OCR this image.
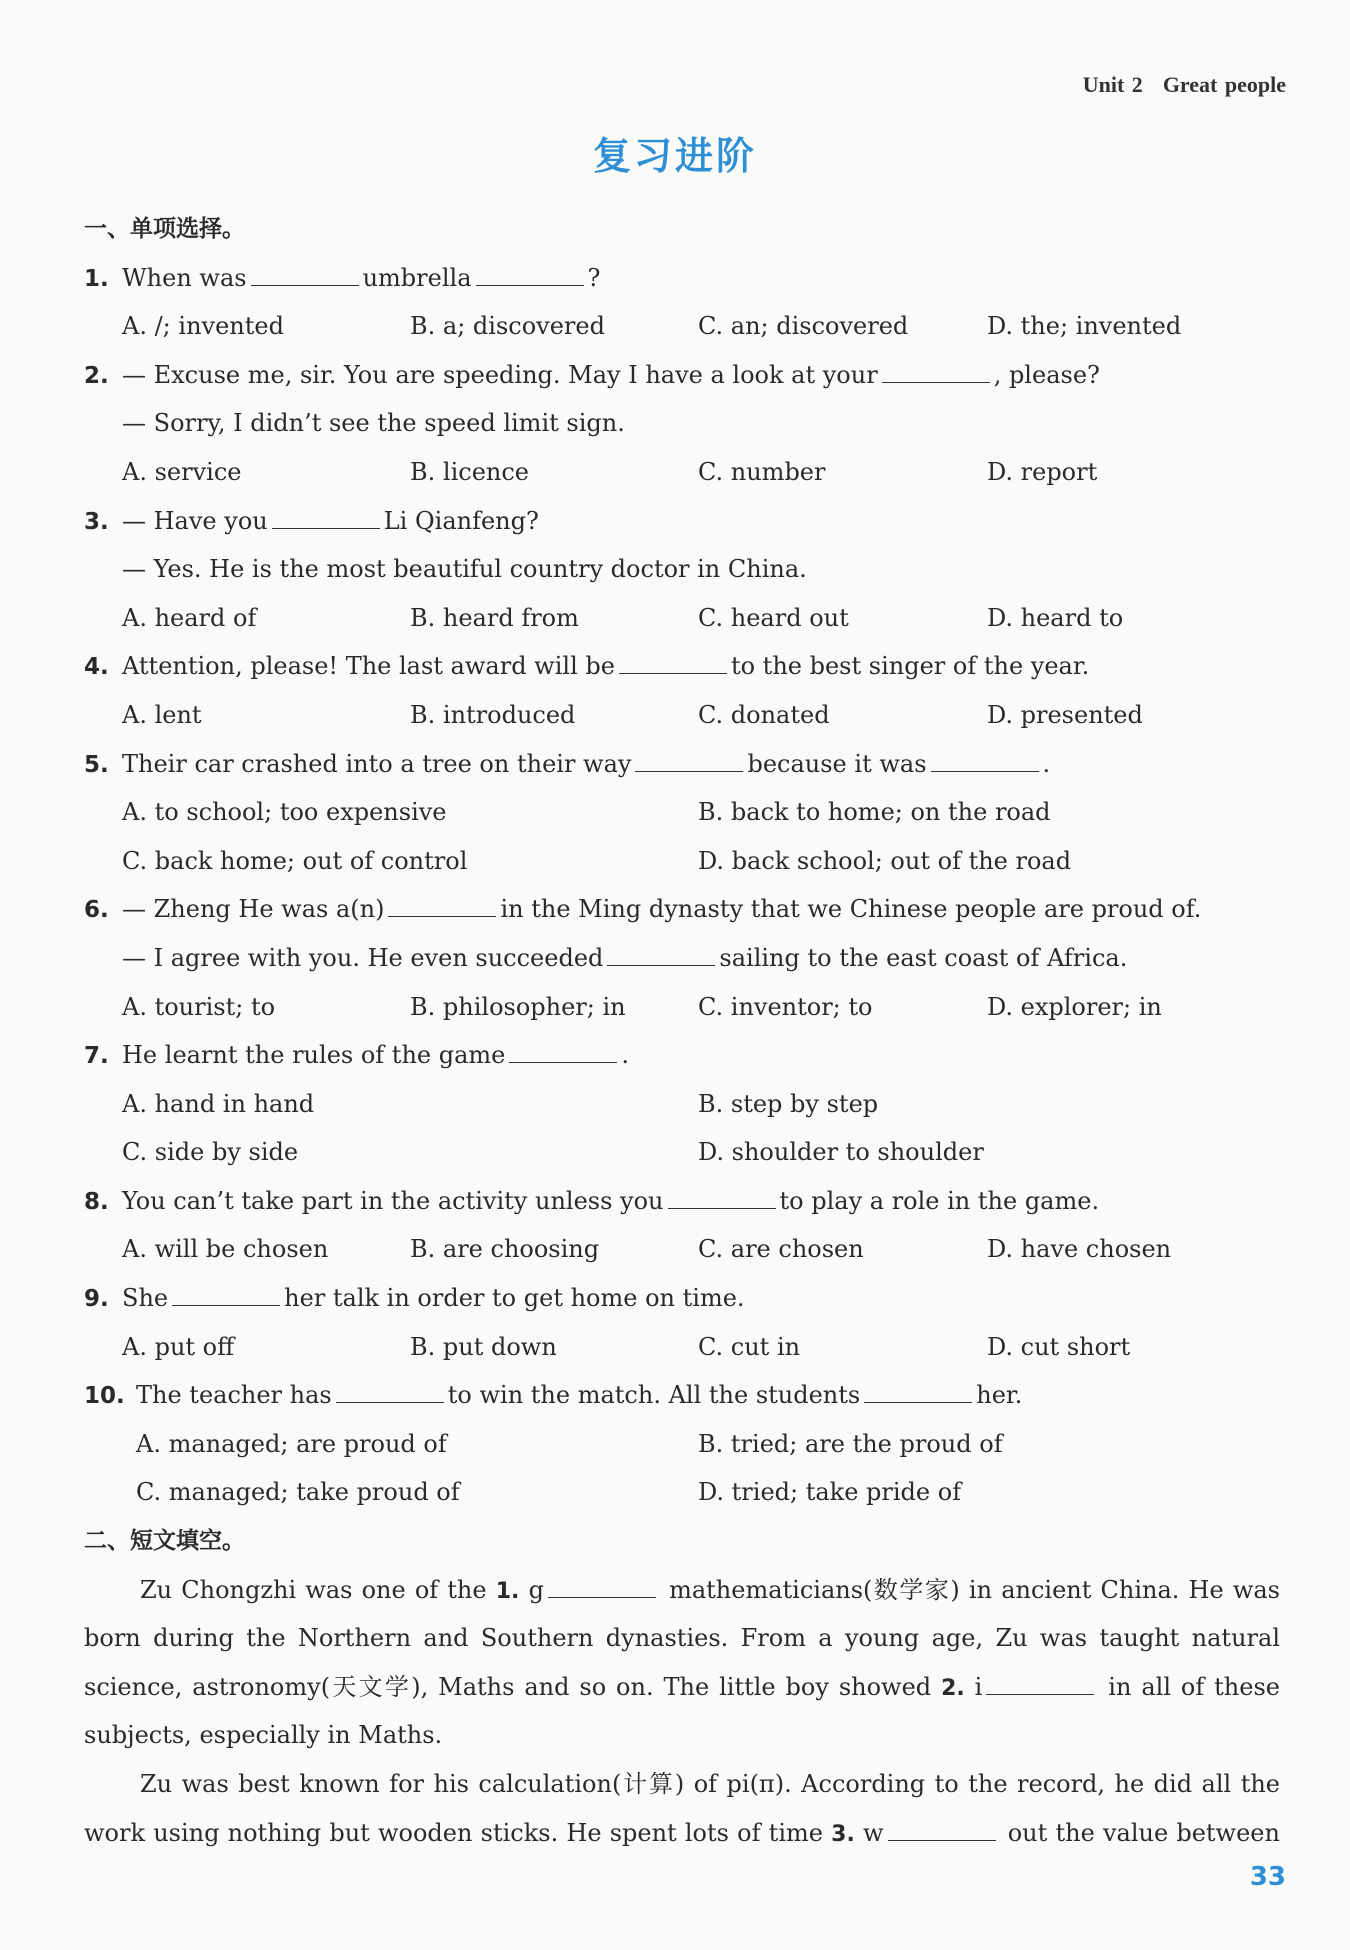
Unit 2 Great people
复习进阶
一、单项选择。
1. When was	umbrella	?
A. /; invented	B. a; discovered	C. an; discovered	D. the; invented
2. — Excuse me, sir. You are speeding. May I have a look at your	, please?
— Sorry, I didn’t see the speed limit sign.
A. service	B. licence	C. number	D. report
3. — Have you	Li Qianfeng?
— Yes. He is the most beautiful country doctor in China.
A. heard of	B. heard from	C. heard out	D. heard to
4. Attention, please! The last award will be	to the best singer of the year.
A. lent	B. introduced	C. donated	D. presented
5. Their car crashed into a tree on their way	because it was	.
A. to school; too expensive	B. back to home; on the road
C. back home; out of control	D. back school; out of the road
6. — Zheng He was a(n)	in the Ming dynasty that we Chinese people are proud of.
— I agree with you. He even succeeded	sailing to the east coast of Africa.
A. tourist; to	B. philosopher; in	C. inventor; to	D. explorer; in
7. He learnt the rules of the game	.
A. hand in hand	B. step by step
C. side by side	D. shoulder to shoulder
8. You can’t take part in the activity unless you	to play a role in the game.
A. will be chosen	B. are choosing	C. are chosen	D. have chosen
9. She	her talk in order to get home on time.
A. put off	B. put down	C. cut in	D. cut short
10. The teacher has	to win the match. All the students	her.
A. managed; are proud of	B. tried; are the proud of
C. managed; take proud of	D. tried; take pride of
二、短文填空。
Zu Chongzhi was one of the 1. g	mathematicians(数学家) in ancient China. He was
born during the Northern and Southern dynasties. From a young age, Zu was taught natural
science, astronomy(天文学), Maths and so on. The little boy showed 2. i	in all of these
subjects, especially in Maths.
Zu was best known for his calculation(计算) of pi(π). According to the record, he did all the
work using nothing but wooden sticks. He spent lots of time 3. w	out the value between
33
